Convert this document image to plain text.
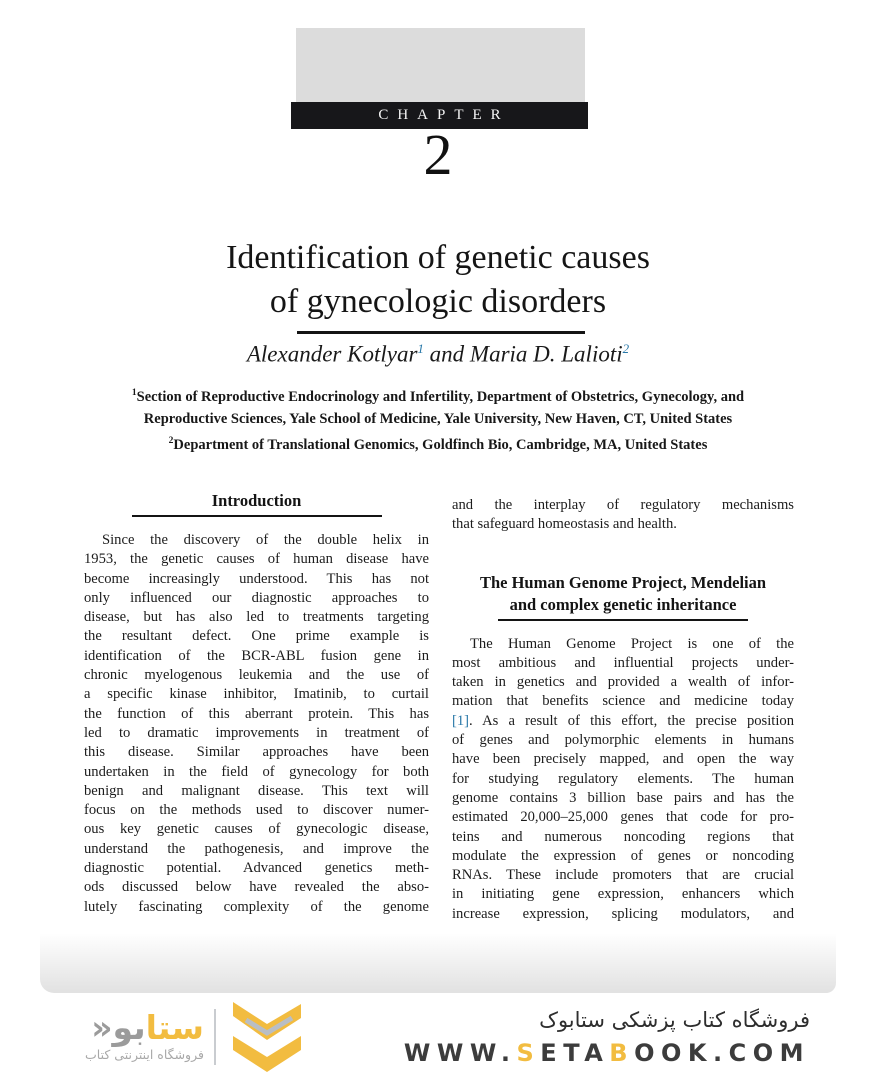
CHAPTER
2
Identification of genetic causes
of gynecologic disorders
Alexander Kotlyar$^1$ and Maria D. Lalioti$^2$
$^1$Section of Reproductive Endocrinology and Infertility, Department of Obstetrics, Gynecology, and
Reproductive Sciences, Yale School of Medicine, Yale University, New Haven, CT, United States
$^2$Department of Translational Genomics, Goldfinch Bio, Cambridge, MA, United States
Introduction
Since the discovery of the double helix in
1953, the genetic causes of human disease have
become increasingly understood. This has not
only influenced our diagnostic approaches to
disease, but has also led to treatments targeting
the resultant defect. One prime example is
identification of the BCR-ABL fusion gene in
chronic myelogenous leukemia and the use of
a specific kinase inhibitor, Imatinib, to curtail
the function of this aberrant protein. This has
led to dramatic improvements in treatment of
this disease. Similar approaches have been
undertaken in the field of gynecology for both
benign and malignant disease. This text will
focus on the methods used to discover numer-
ous key genetic causes of gynecologic disease,
understand the pathogenesis, and improve the
diagnostic potential. Advanced genetics meth-
ods discussed below have revealed the abso-
lutely fascinating complexity of the genome
and the interplay of regulatory mechanisms
that safeguard homeostasis and health.
The Human Genome Project, Mendelian
and complex genetic inheritance
The Human Genome Project is one of the
most ambitious and influential projects under-
taken in genetics and provided a wealth of infor-
mation that benefits science and medicine today
[1]. As a result of this effort, the precise position
of genes and polymorphic elements in humans
have been precisely mapped, and open the way
for studying regulatory elements. The human
genome contains 3 billion base pairs and has the
estimated 20,000–25,000 genes that code for pro-
teins and numerous noncoding regions that
modulate the expression of genes or noncoding
RNAs. These include promoters that are crucial
in initiating gene expression, enhancers which
increase expression, splicing modulators, and
ستابو«
فروشگاه اینترنتی کتاب
فروشگاه کتاب پزشکی ستابوک
WWW.SETABOOK.COM
